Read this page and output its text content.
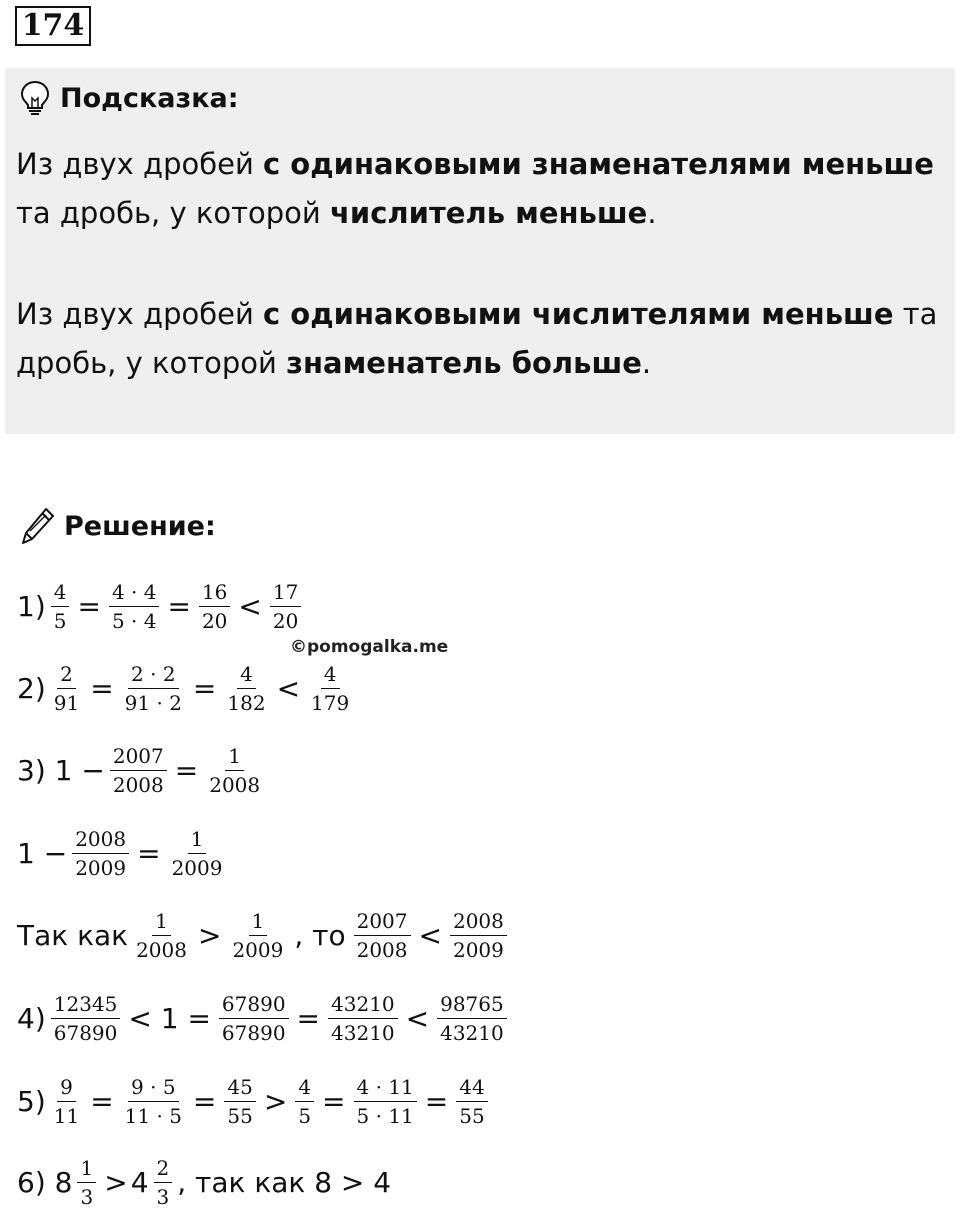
174
Подсказка:
Из двух дробей с одинаковыми знаменателями меньше та дробь, у которой числитель меньше.
Из двух дробей с одинаковыми числителями меньше та дробь, у которой знаменатель больше.
Решение:
©pomogalka.me
$1) \frac{4}{5} = \frac{4 \cdot 4}{5 \cdot 4} = \frac{16}{20} < \frac{17}{20}$
$2) \frac{2}{91} = \frac{2 \cdot 2}{91 \cdot 2} = \frac{4}{182} < \frac{4}{179}$
3)
$1 - \frac{2007}{2008} = \frac{1}{2008}$
$1 - \frac{2008}{2009} = \frac{1}{2009}$
Так как $\frac{1}{2008} > \frac{1}{2009}$ , то $\frac{2007}{2008} < \frac{2008}{2009}$
$4) \frac{12345}{67890} < 1 = \frac{67890}{67890} = \frac{43210}{43210} < \frac{98765}{43210}$
$5) \frac{9}{11} = \frac{9 \cdot 5}{11 \cdot 5} = \frac{45}{55} > \frac{4}{5} = \frac{4 \cdot 11}{5 \cdot 11} = \frac{44}{55}$
6)
$8 \frac{1}{3} > 4 \frac{2}{3}$ , так как 8 > 4
